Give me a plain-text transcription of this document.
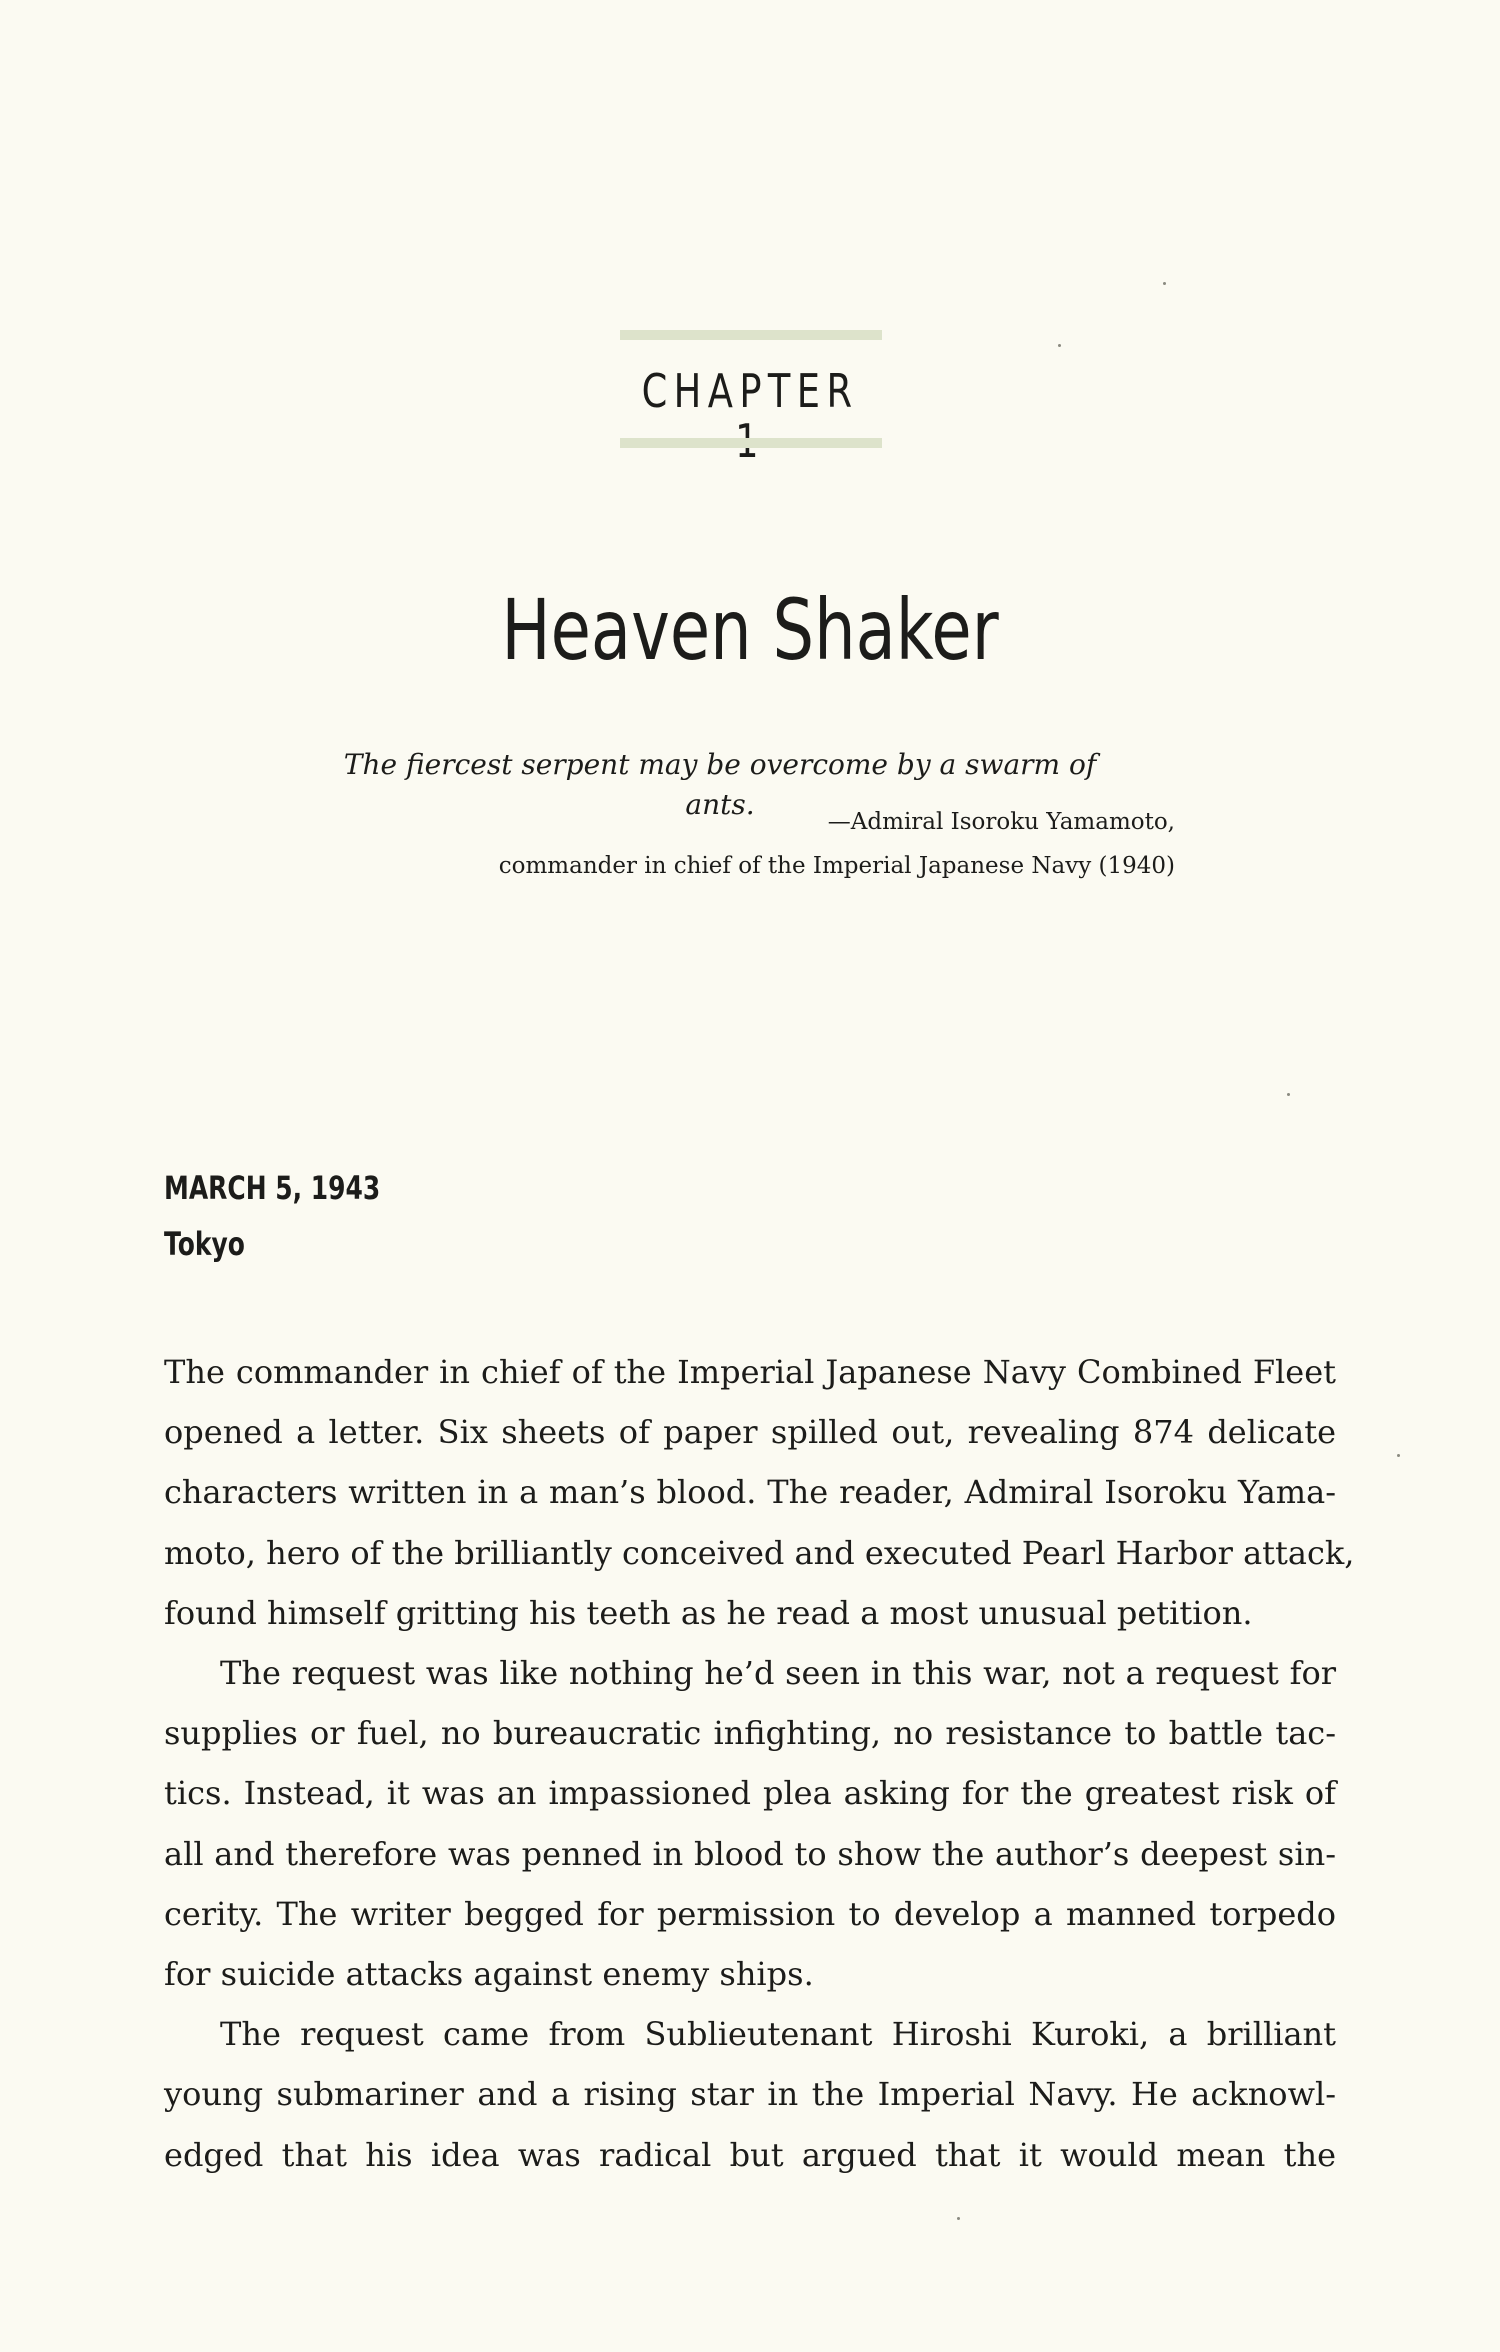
CHAPTER
Heaven Shaker
The fiercest serpent may be overcome by a swarm of ants.
—Admiral Isoroku Yamamoto,
commander in chief of the Imperial Japanese Navy (1940)
MARCH 5, 1943
Tokyo
The commander in chief of the Imperial Japanese Navy Combined Fleet
opened a letter. Six sheets of paper spilled out, revealing 874 delicate
characters written in a man’s blood. The reader, Admiral Isoroku Yama-
moto, hero of the brilliantly conceived and executed Pearl Harbor attack,
found himself gritting his teeth as he read a most unusual petition.
The request was like nothing he’d seen in this war, not a request for
supplies or fuel, no bureaucratic infighting, no resistance to battle tac-
tics. Instead, it was an impassioned plea asking for the greatest risk of
all and therefore was penned in blood to show the author’s deepest sin-
cerity. The writer begged for permission to develop a manned torpedo
for suicide attacks against enemy ships.
The request came from Sublieutenant Hiroshi Kuroki, a brilliant
young submariner and a rising star in the Imperial Navy. He acknowl-
edged that his idea was radical but argued that it would mean the
